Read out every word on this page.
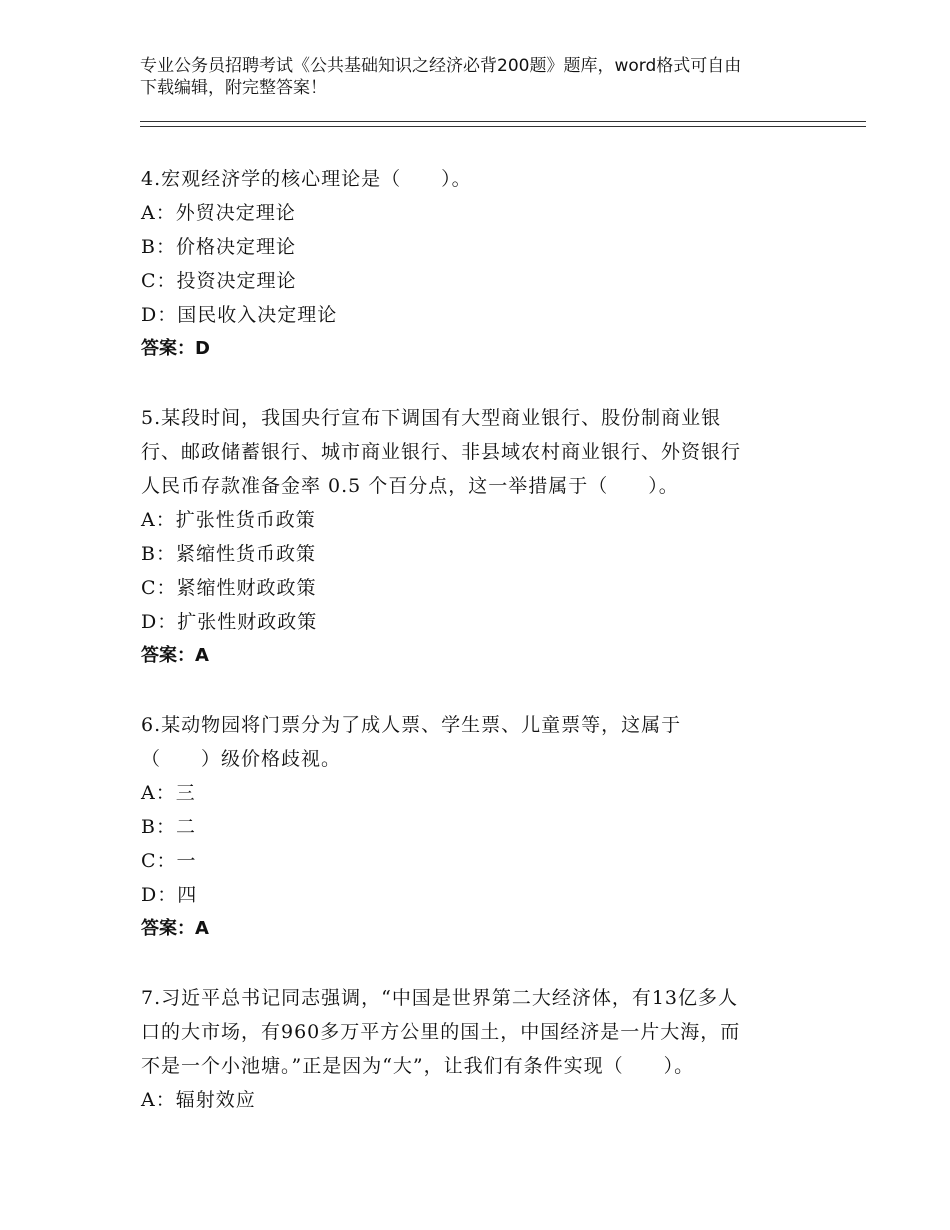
专业公务员招聘考试《公共基础知识之经济必背200题》题库，word格式可自由
下载编辑，附完整答案！
4.宏观经济学的核心理论是（　　）。
A：外贸决定理论
B：价格决定理论
C：投资决定理论
D：国民收入决定理论
答案：D
5.某段时间，我国央行宣布下调国有大型商业银行、股份制商业银
行、邮政储蓄银行、城市商业银行、非县域农村商业银行、外资银行
人民币存款准备金率 0.5 个百分点，这一举措属于（　　）。
A：扩张性货币政策
B：紧缩性货币政策
C：紧缩性财政政策
D：扩张性财政政策
答案：A
6.某动物园将门票分为了成人票、学生票、儿童票等，这属于
（　　）级价格歧视。
A：三
B：二
C：一
D：四
答案：A
7.习近平总书记同志强调，“中国是世界第二大经济体，有13亿多人
口的大市场，有960多万平方公里的国土，中国经济是一片大海，而
不是一个小池塘。”正是因为“大”，让我们有条件实现（　　）。
A：辐射效应
